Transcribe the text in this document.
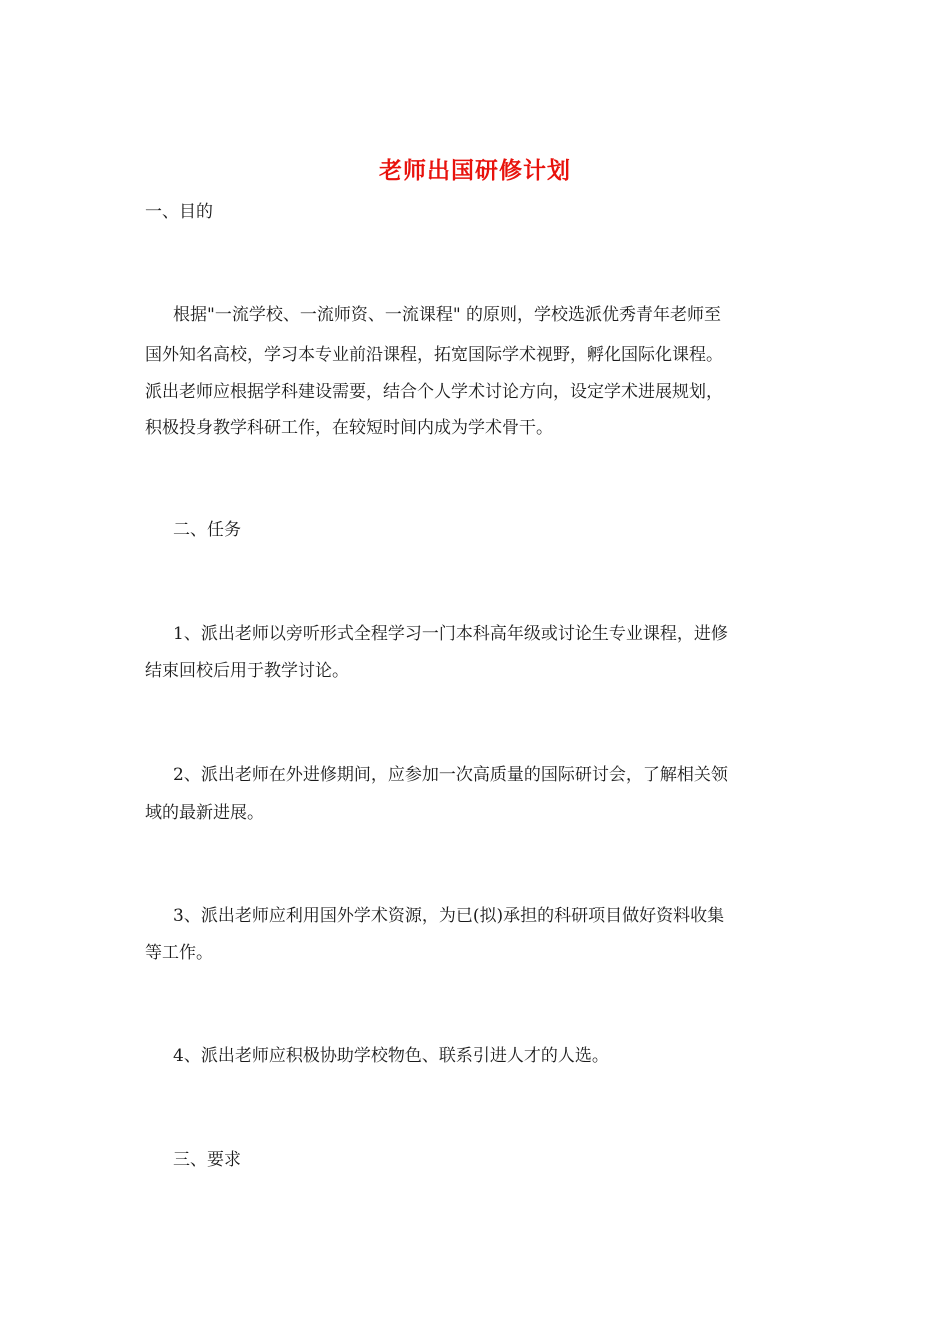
老师出国研修计划
一、目的
根据"一流学校、一流师资、一流课程" 的原则，学校选派优秀青年老师至
国外知名高校，学习本专业前沿课程，拓宽国际学术视野，孵化国际化课程。
派出老师应根据学科建设需要，结合个人学术讨论方向，设定学术进展规划，
积极投身教学科研工作，在较短时间内成为学术骨干。
二、任务
1、派出老师以旁听形式全程学习一门本科高年级或讨论生专业课程，进修
结束回校后用于教学讨论。
2、派出老师在外进修期间，应参加一次高质量的国际研讨会，了解相关领
域的最新进展。
3、派出老师应利用国外学术资源，为已(拟)承担的科研项目做好资料收集
等工作。
4、派出老师应积极协助学校物色、联系引进人才的人选。
三、要求
